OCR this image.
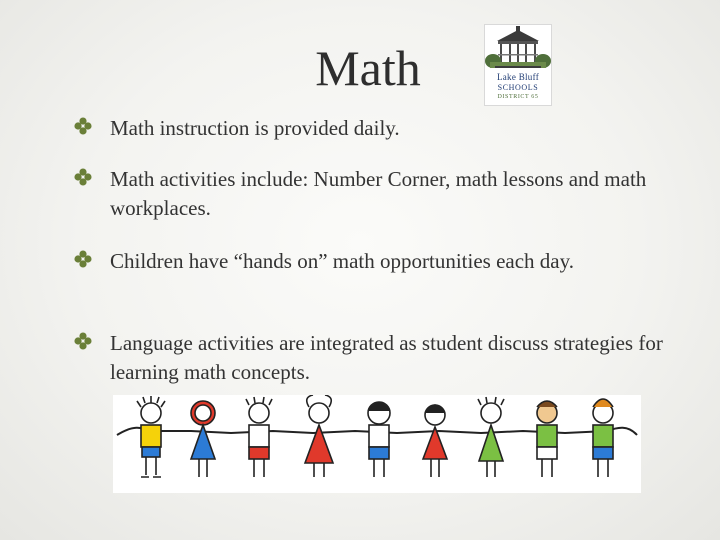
Math	Lake Bluff
SCHOOLS
DISTRICT 65
Math instruction is provided daily.
Math activities include: Number Corner, math lessons and math workplaces.
Children have “hands on” math opportunities each day.
Language activities are integrated as student discuss strategies for learning math concepts.
